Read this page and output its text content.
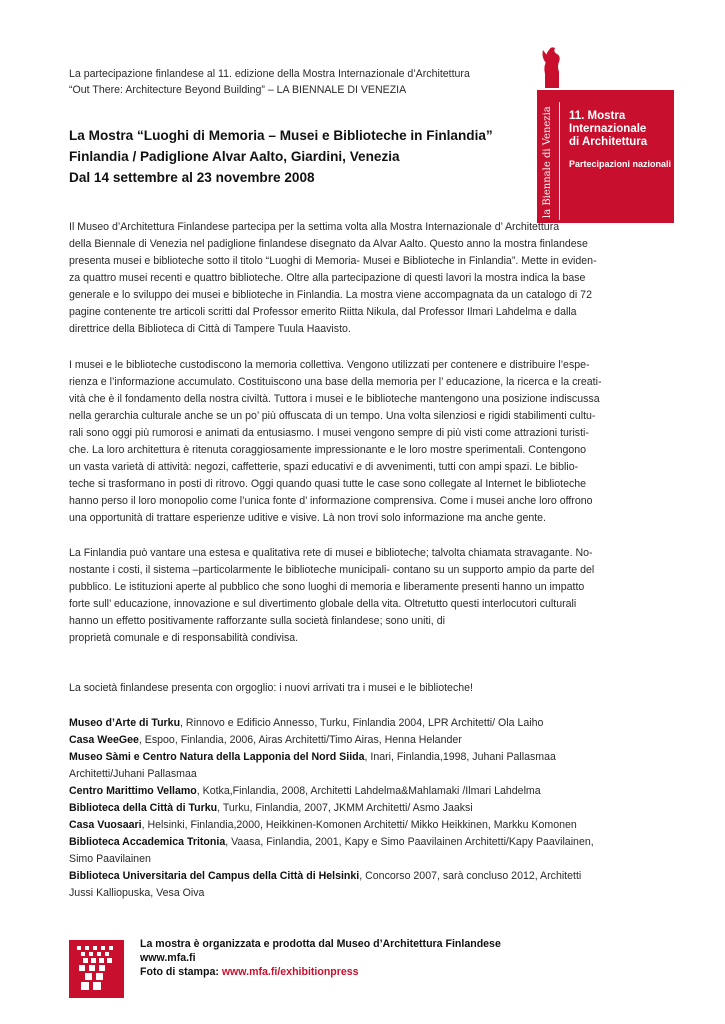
La partecipazione finlandese al 11. edizione della Mostra Internazionale d’Architettura
“Out There: Architecture Beyond Building” – LA BIENNALE DI VENEZIA
La Mostra “Luoghi di Memoria – Musei e Biblioteche in Finlandia”
Finlandia / Padiglione Alvar Aalto, Giardini, Venezia
Dal 14 settembre al 23 novembre 2008	la Biennale di Venezia 11. Mostra
Internazionale
di Architettura
Partecipazioni nazionali
Il Museo d’Architettura Finlandese partecipa per la settima volta alla Mostra Internazionale d’ Architettura
della Biennale di Venezia nel padiglione finlandese disegnato da Alvar Aalto. Questo anno la mostra finlandese
presenta musei e biblioteche sotto il titolo “Luoghi di Memoria- Musei e Biblioteche in Finlandia”. Mette in eviden-
za quattro musei recenti e quattro biblioteche. Oltre alla partecipazione di questi lavori la mostra indica la base
generale e lo sviluppo dei musei e biblioteche in Finlandia. La mostra viene accompagnata da un catalogo di 72
pagine contenente tre articoli scritti dal Professor emerito Riitta Nikula, dal Professor Ilmari Lahdelma e dalla
direttrice della Biblioteca di Città di Tampere Tuula Haavisto.
I musei e le biblioteche custodiscono la memoria collettiva. Vengono utilizzati per contenere e distribuire l’espe-
rienza e l’informazione accumulato. Costituiscono una base della memoria per l’ educazione, la ricerca e la creati-
vità che è il fondamento della nostra civiltà. Tuttora i musei e le biblioteche mantengono una posizione indiscussa
nella gerarchia culturale anche se un po’ più offuscata di un tempo. Una volta silenziosi e rigidi stabilimenti cultu-
rali sono oggi più rumorosi e animati da entusiasmo. I musei vengono sempre di più visti come attrazioni turisti-
che. La loro architettura è ritenuta coraggiosamente impressionante e le loro mostre sperimentali. Contengono
un vasta varietà di attività: negozi, caffetterie, spazi educativi e di avvenimenti, tutti con ampi spazi. Le biblio-
teche si trasformano in posti di ritrovo. Oggi quando quasi tutte le case sono collegate al Internet le biblioteche
hanno perso il loro monopolio come l’unica fonte d’ informazione comprensiva. Come i musei anche loro offrono
una opportunità di trattare esperienze uditive e visive. Là non trovi solo informazione ma anche gente.
La Finlandia può vantare una estesa e qualitativa rete di musei e biblioteche; talvolta chiamata stravagante. No-
nostante i costi, il sistema –particolarmente le biblioteche municipali- contano su un supporto ampio da parte del
pubblico. Le istituzioni aperte al pubblico che sono luoghi di memoria e liberamente presenti hanno un impatto
forte sull’ educazione, innovazione e sul divertimento globale della vita. Oltretutto questi interlocutori culturali
hanno un effetto positivamente rafforzante sulla società finlandese; sono uniti, di
proprietà comunale e di responsabilità condivisa.
La società finlandese presenta con orgoglio: i nuovi arrivati tra i musei e le biblioteche!
Museo d’Arte di Turku, Rinnovo e Edificio Annesso, Turku, Finlandia 2004, LPR Architetti/ Ola Laiho
Casa WeeGee, Espoo, Finlandia, 2006, Airas Architetti/Timo Airas, Henna Helander
Museo Sàmi e Centro Natura della Lapponia del Nord Siida, Inari, Finlandia,1998, Juhani Pallasmaa
Architetti/Juhani Pallasmaa
Centro Marittimo Vellamo, Kotka,Finlandia, 2008, Architetti Lahdelma&Mahlamaki /Ilmari Lahdelma
Biblioteca della Città di Turku, Turku, Finlandia, 2007, JKMM Architetti/ Asmo Jaaksi
Casa Vuosaari, Helsinki, Finlandia,2000, Heikkinen-Komonen Architetti/ Mikko Heikkinen, Markku Komonen
Biblioteca Accademica Tritonia, Vaasa, Finlandia, 2001, Kapy e Simo Paavilainen Architetti/Kapy Paavilainen,
Simo Paavilainen
Biblioteca Universitaria del Campus della Città di Helsinki, Concorso 2007, sarà concluso 2012, Architetti
Jussi Kalliopuska, Vesa Oiva
La mostra è organizzata e prodotta dal Museo d’Architettura Finlandese
www.mfa.fi
Foto di stampa: www.mfa.fi/exhibitionpress
